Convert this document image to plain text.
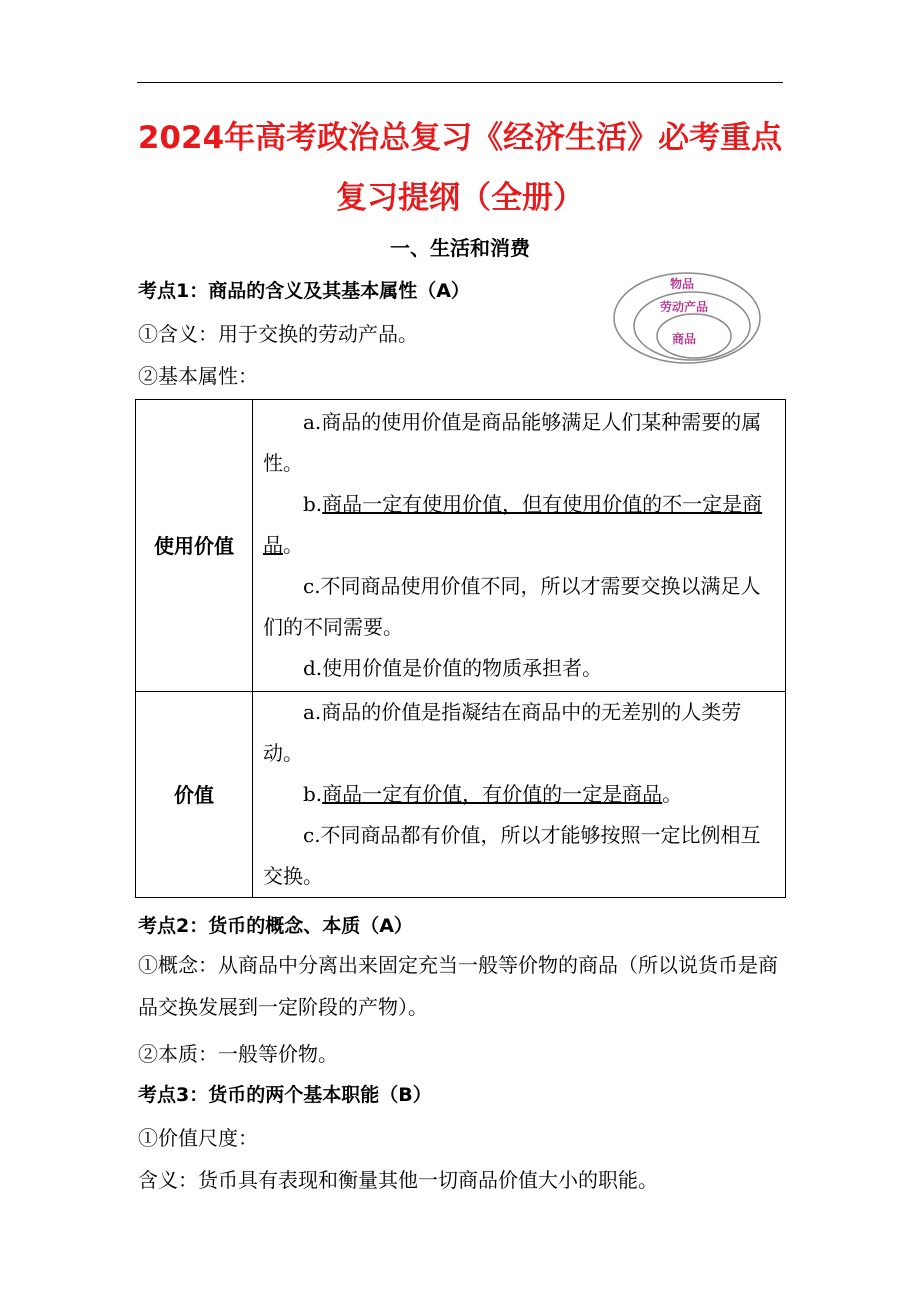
2024年高考政治总复习《经济生活》必考重点
复习提纲（全册）
一、生活和消费
考点1：商品的含义及其基本属性（A）
①含义：用于交换的劳动产品。
②基本属性：
物品
劳动产品
商品
使用价值	a.商品的使用价值是商品能够满足人们某种需要的属性。

b.商品一定有使用价值，但有使用价值的不一定是商品。

c.不同商品使用价值不同，所以才需要交换以满足人们的不同需要。

d.使用价值是价值的物质承担者。

价值	a.商品的价值是指凝结在商品中的无差别的人类劳动。

b.商品一定有价值，有价值的一定是商品。

c.不同商品都有价值，所以才能够按照一定比例相互交换。

考点2：货币的概念、本质（A）
①概念：从商品中分离出来固定充当一般等价物的商品（所以说货币是商品交换发展到一定阶段的产物）。
②本质：一般等价物。
考点3：货币的两个基本职能（B）
①价值尺度：
含义：货币具有表现和衡量其他一切商品价值大小的职能。
